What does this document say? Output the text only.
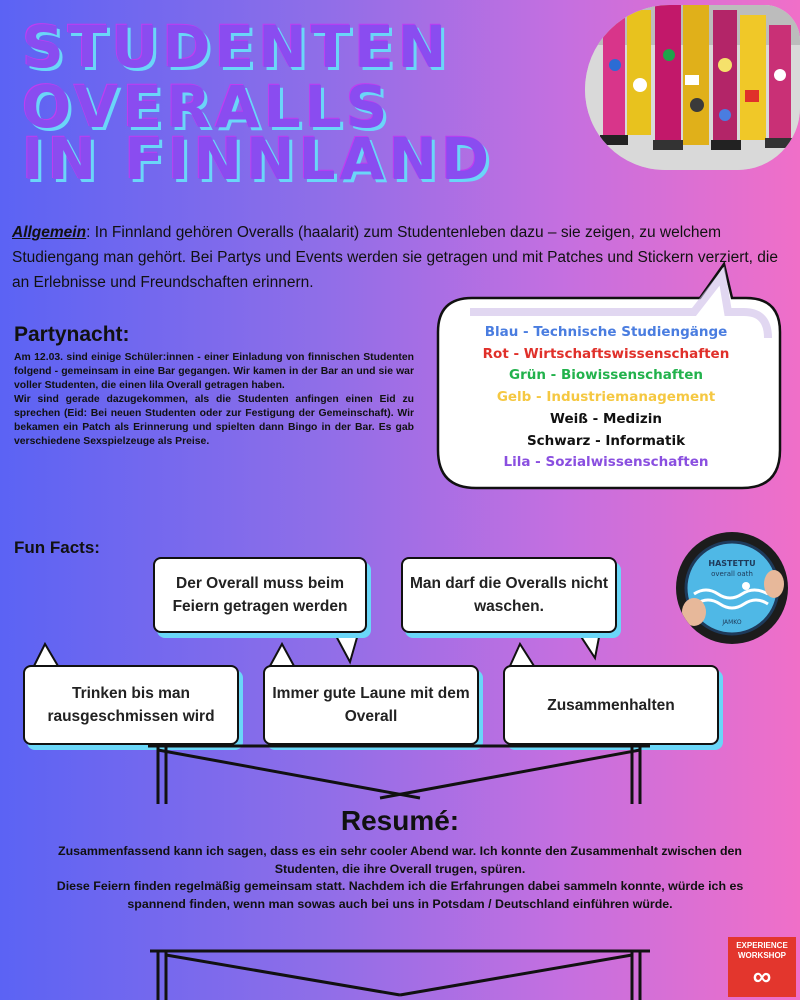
STUDENTEN
OVERALLS
IN FINNLAND
Allgemein: In Finnland gehören Overalls (haalarit) zum Studentenleben dazu – sie zeigen, zu welchem Studiengang man gehört. Bei Partys und Events werden sie getragen und mit Patches und Stickern verziert, die an Erlebnisse und Freundschaften erinnern.
Partynacht:

Am 12.03. sind einige Schüler:innen - einer Einladung von finnischen Studenten folgend - gemeinsam in eine Bar gegangen. Wir kamen in der Bar an und sie war voller Studenten, die einen lila Overall getragen haben.

Wir sind gerade dazugekommen, als die Studenten anfingen einen Eid zu sprechen (Eid: Bei neuen Studenten oder zur Festigung der Gemeinschaft). Wir bekamen ein Patch als Erinnerung und spielten dann Bingo in der Bar. Es gab verschiedene Sexspielzeuge als Preise.

Blau - Technische Studiengänge
Rot - Wirtschaftswissenschaften
Grün - Biowissenschaften
Gelb - Industriemanagement
Weiß - Medizin
Schwarz - Informatik
Lila - Sozialwissenschaften
Fun Facts:
Der Overall muss beim Feiern getragen werden
Man darf die Overalls nicht waschen.
Trinken bis man rausgeschmissen wird
Immer gute Laune mit dem Overall
Zusammenhalten
HASTETTU
overall oath
JAMKO
Resumé:

Zusammenfassend kann ich sagen, dass es ein sehr cooler Abend war. Ich konnte den Zusammenhalt zwischen den Studenten, die ihre Overall trugen, spüren.

Diese Feiern finden regelmäßig gemeinsam statt. Nachdem ich die Erfahrungen dabei sammeln konnte, würde ich es spannend finden, wenn man sowas auch bei uns in Potsdam / Deutschland einführen würde.

EXPERIENCE
WORKSHOP
∞
